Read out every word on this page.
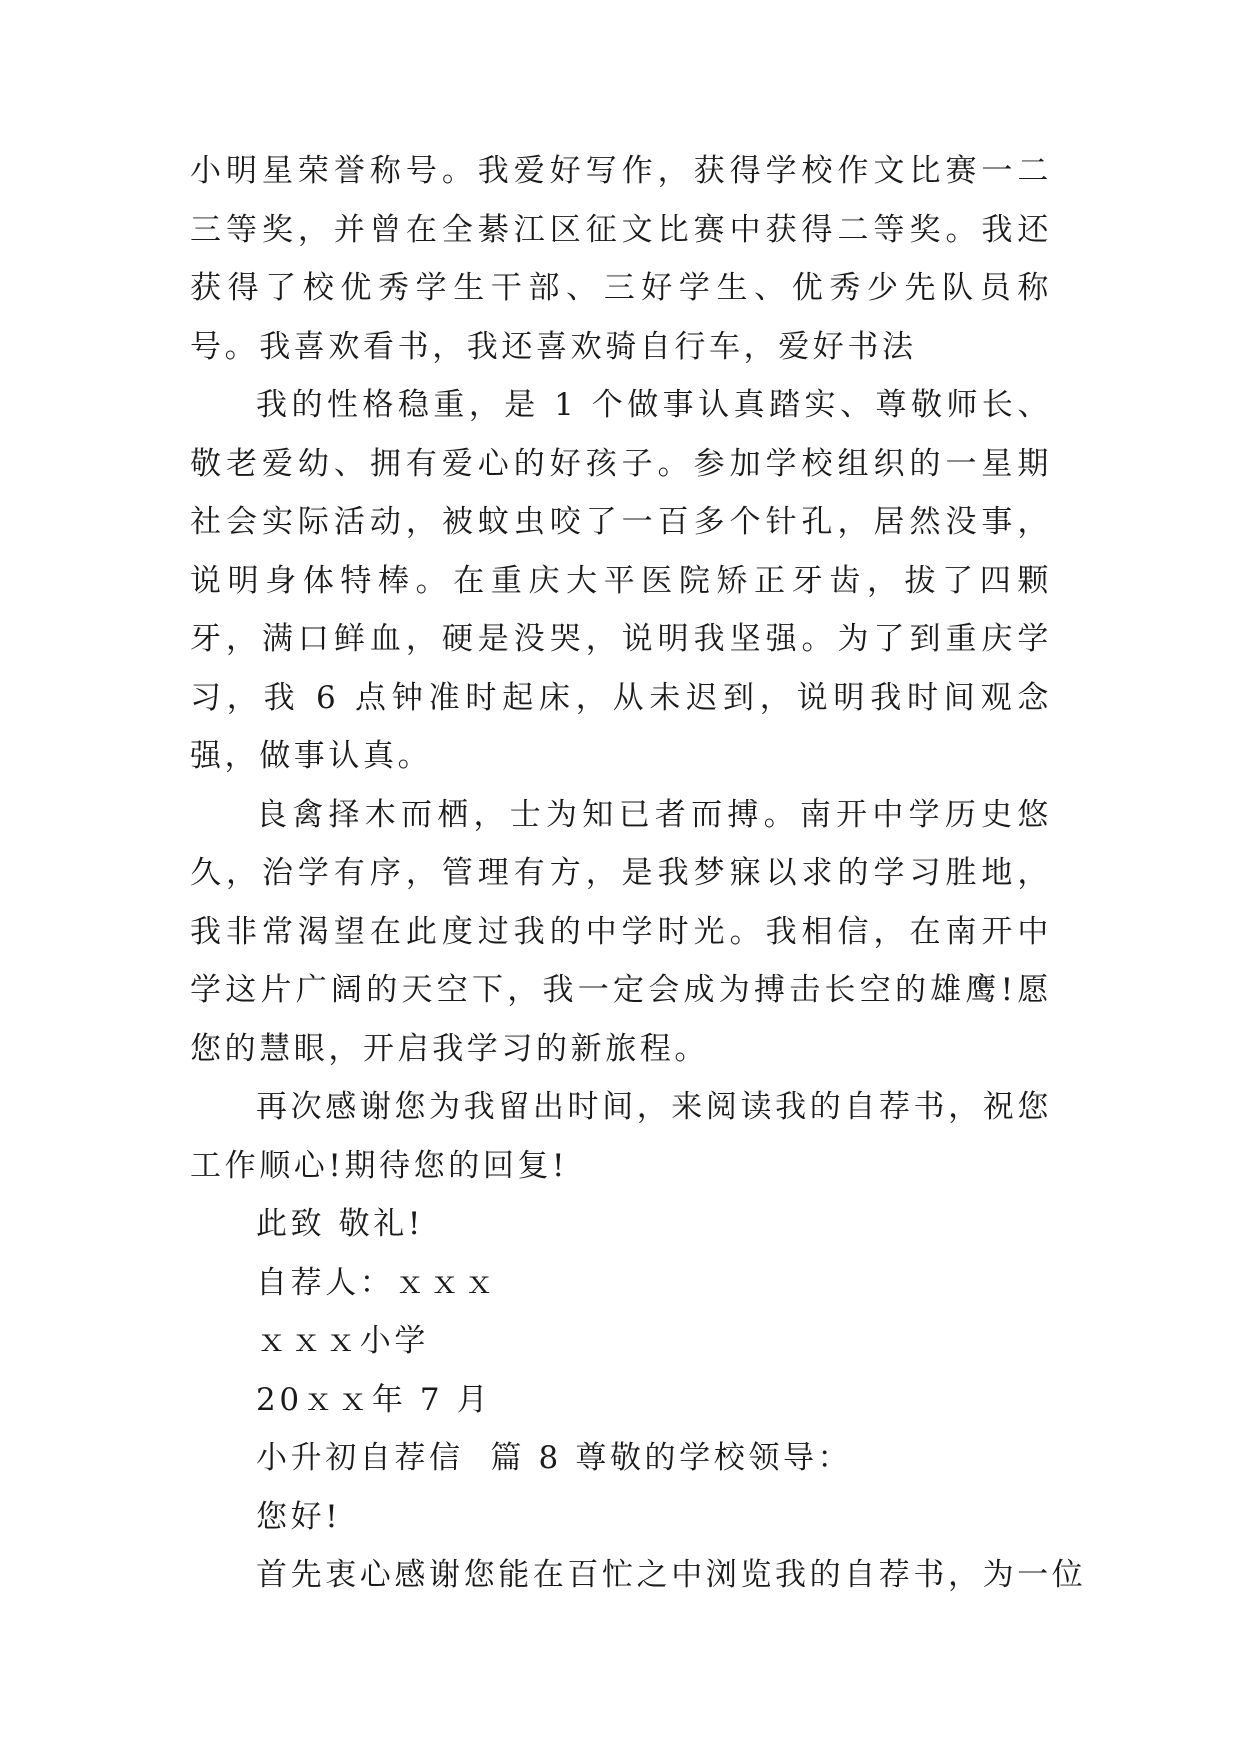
小明星荣誉称号。我爱好写作，获得学校作文比赛一二三等奖，并曾在全綦江区征文比赛中获得二等奖。我还获得了校优秀学生干部、三好学生、优秀少先队员称号。我喜欢看书，我还喜欢骑自行车，爱好书法

我的性格稳重，是 1 个做事认真踏实、尊敬师长、敬老爱幼、拥有爱心的好孩子。参加学校组织的一星期社会实际活动，被蚊虫咬了一百多个针孔，居然没事，说明身体特棒。在重庆大平医院矫正牙齿，拔了四颗牙，满口鲜血，硬是没哭，说明我坚强。为了到重庆学习，我 6 点钟准时起床，从未迟到，说明我时间观念强，做事认真。

良禽择木而栖，士为知已者而搏。南开中学历史悠久，治学有序，管理有方，是我梦寐以求的学习胜地，我非常渴望在此度过我的中学时光。我相信，在南开中学这片广阔的天空下，我一定会成为搏击长空的雄鹰!愿您的慧眼，开启我学习的新旅程。

再次感谢您为我留出时间，来阅读我的自荐书，祝您工作顺心!期待您的回复!

此致 敬礼!

自荐人：ｘｘｘ

ｘｘｘ小学

20ｘｘ年 7 月

小升初自荐信  篇 8 尊敬的学校领导：

您好!

首先衷心感谢您能在百忙之中浏览我的自荐书，为一位
